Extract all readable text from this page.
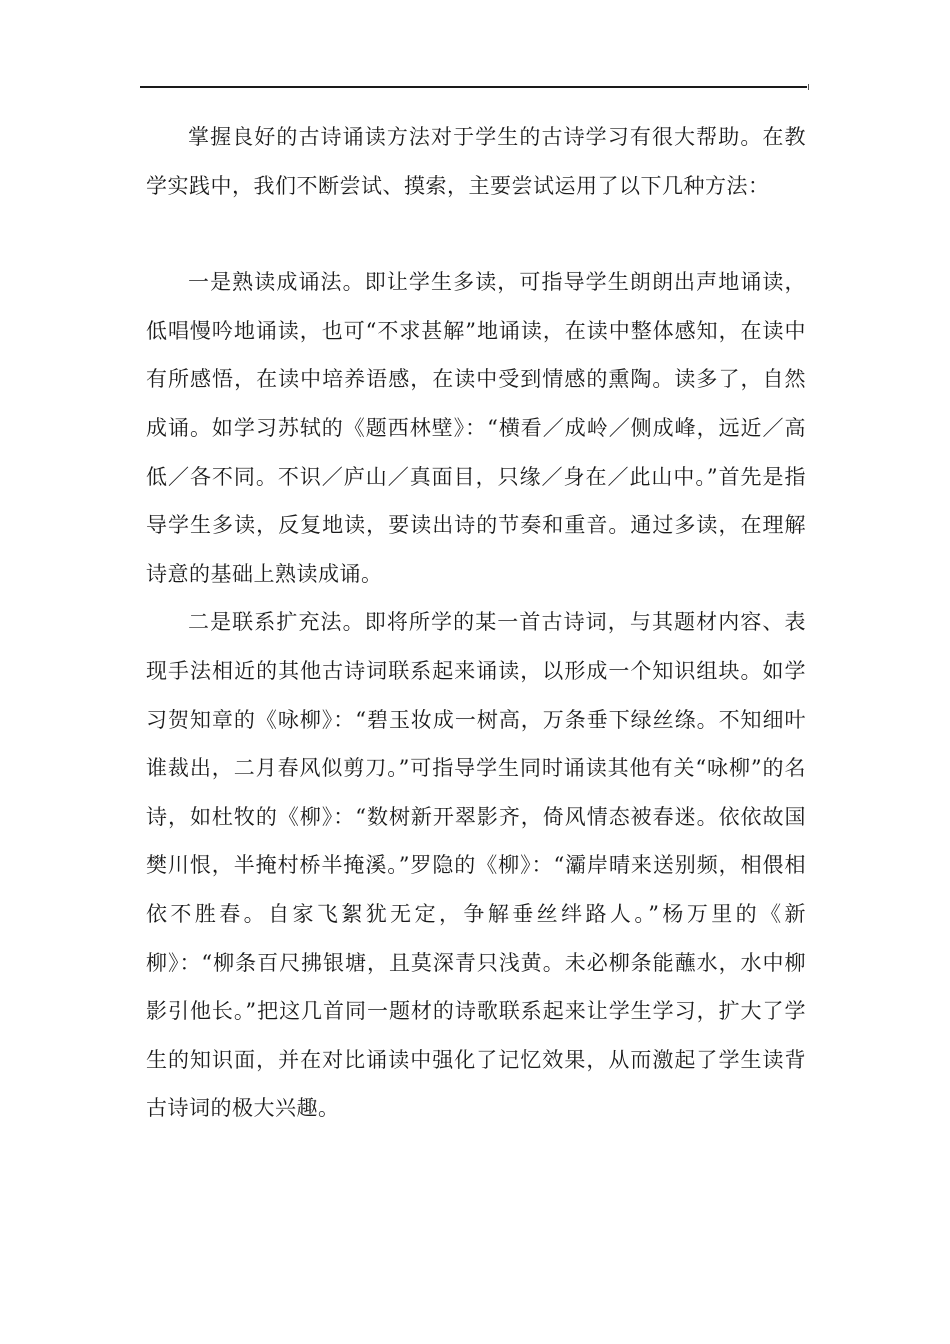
掌握良好的古诗诵读方法对于学生的古诗学习有很大帮助。在教学实践中，我们不断尝试、摸索，主要尝试运用了以下几种方法：

一是熟读成诵法。即让学生多读，可指导学生朗朗出声地诵读，低唱慢吟地诵读，也可“不求甚解”地诵读，在读中整体感知，在读中有所感悟，在读中培养语感，在读中受到情感的熏陶。读多了，自然成诵。如学习苏轼的《题西林壁》：“横看／成岭／侧成峰，远近／高低／各不同。不识／庐山／真面目，只缘／身在／此山中。”首先是指导学生多读，反复地读，要读出诗的节奏和重音。通过多读，在理解诗意的基础上熟读成诵。

二是联系扩充法。即将所学的某一首古诗词，与其题材内容、表现手法相近的其他古诗词联系起来诵读，以形成一个知识组块。如学习贺知章的《咏柳》：“碧玉妆成一树高，万条垂下绿丝绦。不知细叶谁裁出，二月春风似剪刀。”可指导学生同时诵读其他有关“咏柳”的名诗，如杜牧的《柳》：“数树新开翠影齐，倚风情态被春迷。依依故国樊川恨，半掩村桥半掩溪。”罗隐的《柳》：“灞岸晴来送别频，相偎相依不胜春。自家飞絮犹无定，争解垂丝绊路人。”杨万里的《新柳》：“柳条百尺拂银塘，且莫深青只浅黄。未必柳条能蘸水，水中柳影引他长。”把这几首同一题材的诗歌联系起来让学生学习，扩大了学生的知识面，并在对比诵读中强化了记忆效果，从而激起了学生读背古诗词的极大兴趣。
